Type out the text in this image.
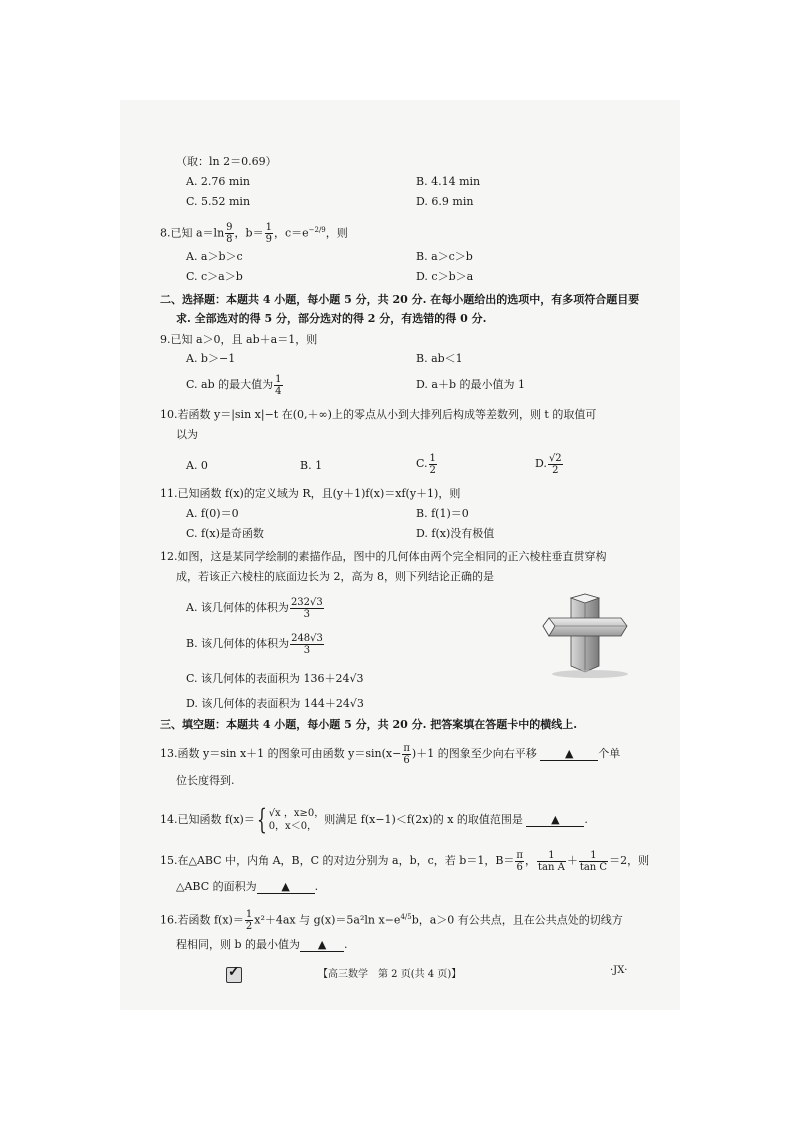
（取：ln 2＝0.69）
A. 2.76 min	B. 4.14 min
C. 5.52 min	D. 6.9 min
8.已知 $a=\ln \frac{9}{8}$ ，$b= \frac{1}{9}$ ，$c=e^{-2/9}$，则
A. a＞b＞c	B. a＞c＞b
C. c＞a＞b	D. c＞b＞a
二、选择题：本题共 4 小题，每小题 5 分，共 20 分. 在每小题给出的选项中，有多项符合题目要
求. 全部选对的得 5 分，部分选对的得 2 分，有选错的得 0 分.
9.已知 a＞0，且 ab＋a＝1，则
A. b＞−1	B. ab＜1
C. ab 的最大值为 $\frac{1}{4}$	D. a＋b 的最小值为 1
10.若函数 y＝|sin x|−t 在(0,＋∞)上的零点从小到大排列后构成等差数列，则 t 的取值可
以为
A. 0	B. 1	C. $\frac{1}{2}$	D. $\frac{√2}{2}$
11.已知函数 f(x)的定义域为 R，且(y＋1)f(x)＝xf(y＋1)，则
A. f(0)＝0	B. f(1)＝0
C. f(x)是奇函数	D. f(x)没有极值
12.如图，这是某同学绘制的素描作品，图中的几何体由两个完全相同的正六棱柱垂直贯穿构
成，若该正六棱柱的底面边长为 2，高为 8，则下列结论正确的是
A. 该几何体的体积为 $\frac{232√3}{3}$
B. 该几何体的体积为 $\frac{248√3}{3}$
C. 该几何体的表面积为 136＋24√3
D. 该几何体的表面积为 144＋24√3
三、填空题：本题共 4 小题，每小题 5 分，共 20 分. 把答案填在答题卡中的横线上.
13.函数 y＝sin x＋1 的图象可由函数 $y=\sin(x- \frac{\pi}{6} )+1$ 的图象至少向右平移	▲ 个单
位长度得到.
14.已知函数 f(x)＝{ √x ，x≥0，
0，x＜0，
则满足 f(x−1)＜f(2x)的 x 的取值范围是	▲ .
15.在△ABC 中，内角 A，B，C 的对边分别为 a，b，c，若 b＝1，$B= \frac{\pi}{6}$ ， $\frac{1}{\text{tan A}} + \frac{1}{\text{tan C}} =2$，则
△ABC 的面积为 ▲ .
16.若函数 $f(x)= \frac{1}{2} x^2+4ax$ 与 g(x)＝5a²ln $x-e^{4/5}b$，a＞0 有公共点，且在公共点处的切线方
程相同，则 b 的最小值为 ▲ .
✓	【高三数学　第 2 页(共 4 页)】	·JX·
